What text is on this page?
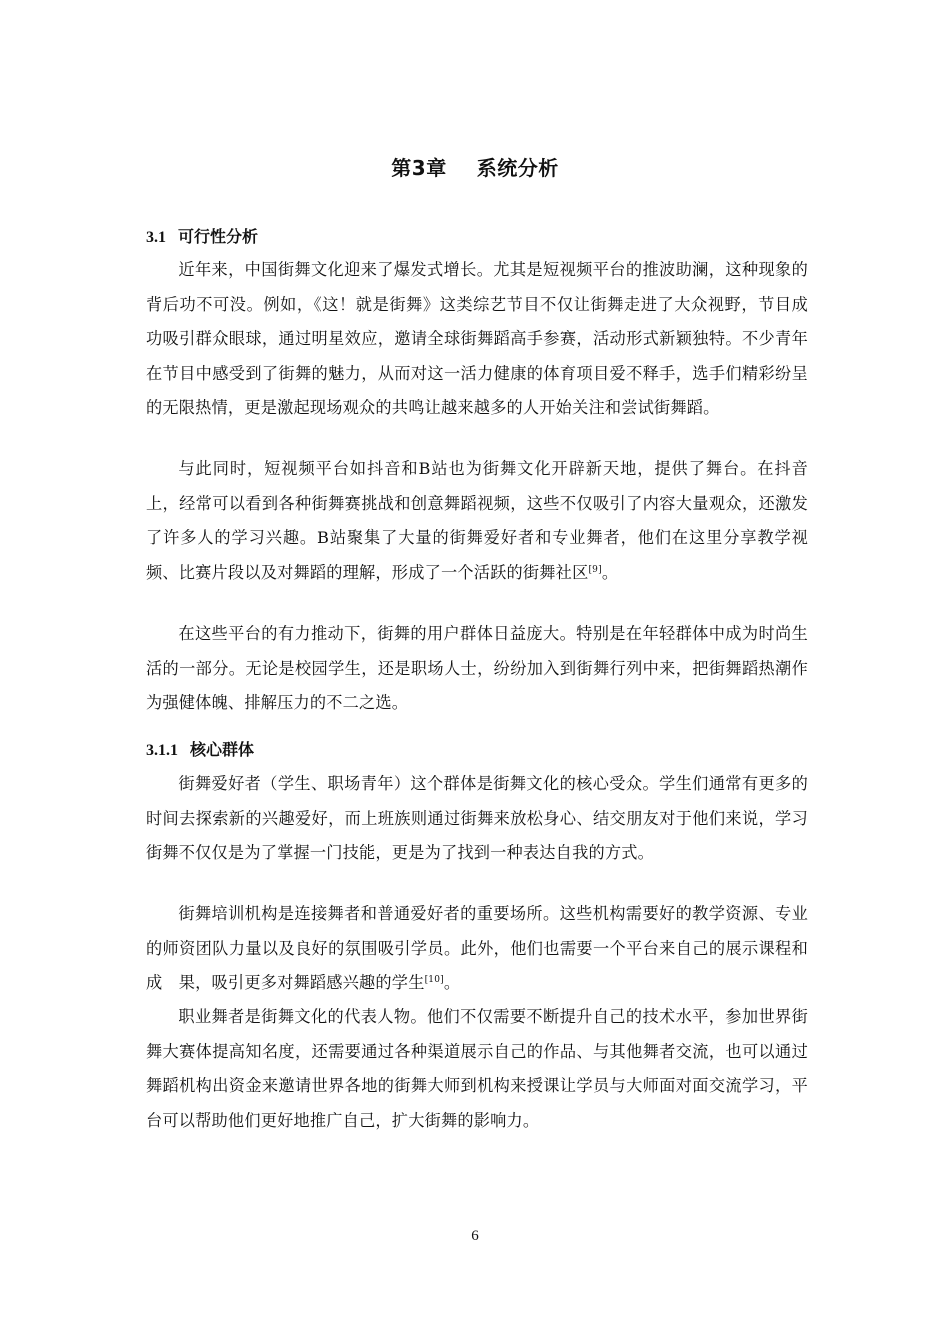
第3章 系统分析
3.1 可行性分析

近年来，中国街舞文化迎来了爆发式增长。尤其是短视频平台的推波助澜，这种现象的背后功不可没。例如，《这！就是街舞》这类综艺节目不仅让街舞走进了大众视野，节目成功吸引群众眼球，通过明星效应，邀请全球街舞蹈高手参赛，活动形式新颖独特。不少青年在节目中感受到了街舞的魅力，从而对这一活力健康的体育项目爱不释手，选手们精彩纷呈的无限热情，更是激起现场观众的共鸣让越来越多的人开始关注和尝试街舞蹈。

与此同时，短视频平台如抖音和B站也为街舞文化开辟新天地，提供了舞台。在抖音上，经常可以看到各种街舞赛挑战和创意舞蹈视频，这些不仅吸引了内容大量观众，还激发了许多人的学习兴趣。B站聚集了大量的街舞爱好者和专业舞者，他们在这里分享教学视频、比赛片段以及对舞蹈的理解，形成了一个活跃的街舞社区[9]。

在这些平台的有力推动下，街舞的用户群体日益庞大。特别是在年轻群体中成为时尚生活的一部分。无论是校园学生，还是职场人士，纷纷加入到街舞行列中来，把街舞蹈热潮作为强健体魄、排解压力的不二之选。

3.1.1 核心群体

街舞爱好者（学生、职场青年）这个群体是街舞文化的核心受众。学生们通常有更多的时间去探索新的兴趣爱好，而上班族则通过街舞来放松身心、结交朋友对于他们来说，学习街舞不仅仅是为了掌握一门技能，更是为了找到一种表达自我的方式。

街舞培训机构是连接舞者和普通爱好者的重要场所。这些机构需要好的教学资源、专业的师资团队力量以及良好的氛围吸引学员。此外，他们也需要一个平台来自己的展示课程和成　果，吸引更多对舞蹈感兴趣的学生[10]。

职业舞者是街舞文化的代表人物。他们不仅需要不断提升自己的技术水平，参加世界街舞大赛体提高知名度，还需要通过各种渠道展示自己的作品、与其他舞者交流，也可以通过舞蹈机构出资金来邀请世界各地的街舞大师到机构来授课让学员与大师面对面交流学习，平台可以帮助他们更好地推广自己，扩大街舞的影响力。

6
